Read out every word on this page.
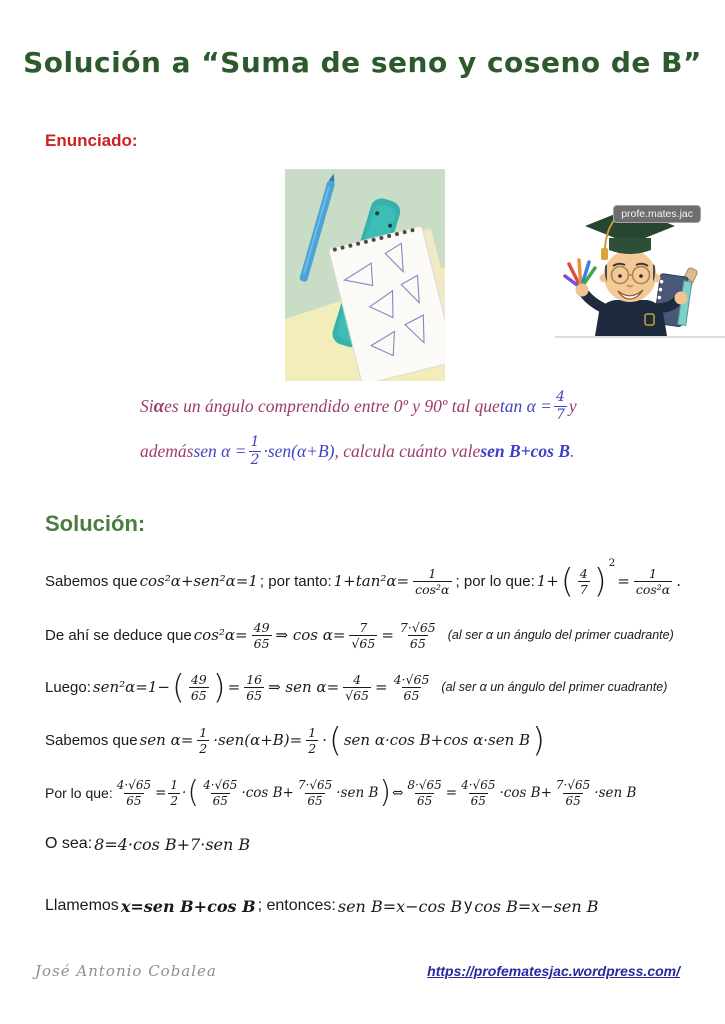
Solución a “Suma de seno y coseno de B”
Enunciado:
profe.mates.jac
Si α es un ángulo comprendido entre 0º y 90º tal que $\tan \alpha = \frac{4}{7}$ y
además sen $\alpha = \frac{1}{2} \cdot sen(\alpha+B)$ , calcula cuánto vale sen B+cos B .
Solución:
Sabemos que cos²α+sen²α=1 ; por tanto: $1+\tan^2\alpha= \frac{1}{\text{cos²α}}$ ; por lo que: 1+ ( $\frac{4}{7}$ ) 2
= $\frac{1}{\text{cos²α}}$ .
De ahí se deduce que $\cos^2\alpha= \frac{49}{65}$ ⇒ $\cos \alpha= \frac{7}{√65} = \frac{7\cdot√65}{65} (al$ ser α un ángulo del primer cuadrante)
Luego: sen²α=1− ( $\frac{49}{65}$ ) = $\frac{16}{65}$ ⇒ sen $\alpha= \frac{4}{√65} = \frac{4\cdot√65}{65} (al$ ser α un ángulo del primer cuadrante)
Sabemos que sen $\alpha= \frac{1}{2} \cdot sen(\alpha+B)= \frac{1}{2}$ · ( sen α·cos B+cos α·sen B )
Por lo que: $\frac{4\cdot√65}{65} = \frac{1}{2}$ · ( $\frac{4\cdot√65}{65} \cdot\cos$ $B+ \frac{7\cdot√65}{65} \cdot sen$ B ) ⇔ $\frac{8\cdot√65}{65} = \frac{4\cdot√65}{65} \cdot\cos$ $B+ \frac{7\cdot√65}{65} \cdot sen$ B
O sea: 8=4·cos B+7·sen B
Llamemos x=sen B+cos B ; entonces: sen B=x−cos B y cos B=x−sen B
José Antonio Cobalea	https://profematesjac.wordpress.com/
